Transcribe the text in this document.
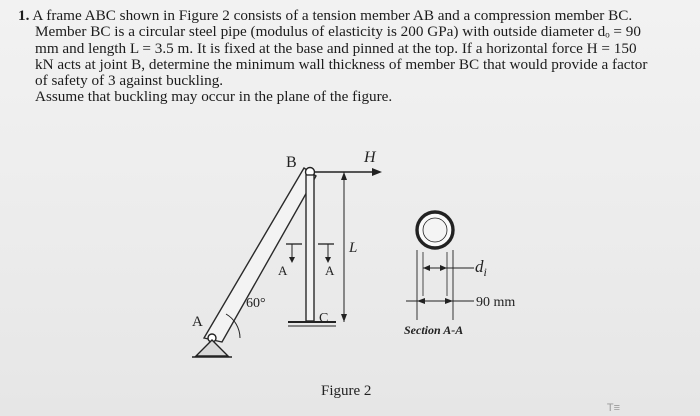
1. A frame ABC shown in Figure 2 consists of a tension member AB and a compression member BC.

Member BC is a circular steel pipe (modulus of elasticity is 200 GPa) with outside diameter dₒ = 90

mm and length L = 3.5 m. It is fixed at the base and pinned at the top. If a horizontal force H = 150

kN acts at joint B, determine the minimum wall thickness of member BC that would provide a factor

of safety of 3 against buckling.

Assume that buckling may occur in the plane of the figure.

B	H
L
A
A	A
C
60°
$d_i$
90 mm
Section A-A
Figure 2
T≡
